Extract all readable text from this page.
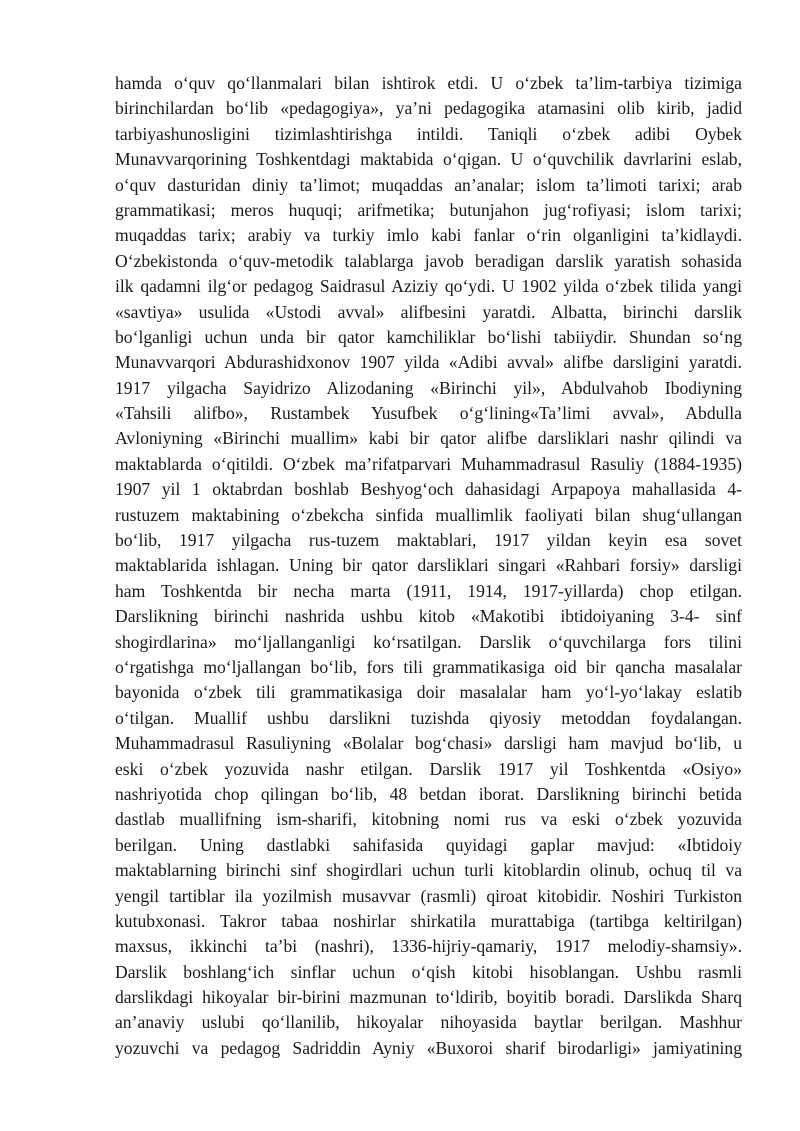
hamda o‘quv qo‘llanmalari bilan ishtirok etdi. U o‘zbek ta’lim-tarbiya tizimiga
birinchilardan bo‘lib «pedagogiya», ya’ni pedagogika atamasini olib kirib, jadid
tarbiyashunosligini tizimlashtirishga intildi. Taniqli o‘zbek adibi Oybek
Munavvarqorining Toshkentdagi maktabida o‘qigan. U o‘quvchilik davrlarini eslab,
o‘quv dasturidan diniy ta’limot; muqaddas an’analar; islom ta’limoti tarixi; arab
grammatikasi; meros huquqi; arifmetika; butunjahon jug‘rofiyasi; islom tarixi;
muqaddas tarix; arabiy va turkiy imlo kabi fanlar o‘rin olganligini ta’kidlaydi.
O‘zbekistonda o‘quv-metodik talablarga javob beradigan darslik yaratish sohasida
ilk qadamni ilg‘or pedagog Saidrasul Aziziy qo‘ydi. U 1902 yilda o‘zbek tilida yangi
«savtiya» usulida «Ustodi avval» alifbesini yaratdi. Albatta, birinchi darslik
bo‘lganligi uchun unda bir qator kamchiliklar bo‘lishi tabiiydir. Shundan so‘ng
Munavvarqori Abdurashidxonov 1907 yilda «Adibi avval» alifbe darsligini yaratdi.
1917 yilgacha Sayidrizo Alizodaning «Birinchi yil», Abdulvahob Ibodiyning
«Tahsili alifbo», Rustambek Yusufbek o‘g‘lining«Ta’limi avval», Abdulla
Avloniyning «Birinchi muallim» kabi bir qator alifbe darsliklari nashr qilindi va
maktablarda o‘qitildi. O‘zbek ma’rifatparvari Muhammadrasul Rasuliy (1884-1935)
1907 yil 1 oktabrdan boshlab Beshyog‘och dahasidagi Arpapoya mahallasida 4-
rustuzem maktabining o‘zbekcha sinfida muallimlik faoliyati bilan shug‘ullangan
bo‘lib, 1917 yilgacha rus-tuzem maktablari, 1917 yildan keyin esa sovet
maktablarida ishlagan. Uning bir qator darsliklari singari «Rahbari forsiy» darsligi
ham Toshkentda bir necha marta (1911, 1914, 1917-yillarda) chop etilgan.
Darslikning birinchi nashrida ushbu kitob «Makotibi ibtidoiyaning 3-4- sinf
shogirdlarina» mo‘ljallanganligi ko‘rsatilgan. Darslik o‘quvchilarga fors tilini
o‘rgatishga mo‘ljallangan bo‘lib, fors tili grammatikasiga oid bir qancha masalalar
bayonida o‘zbek tili grammatikasiga doir masalalar ham yo‘l-yo‘lakay eslatib
o‘tilgan. Muallif ushbu darslikni tuzishda qiyosiy metoddan foydalangan.
Muhammadrasul Rasuliyning «Bolalar bog‘chasi» darsligi ham mavjud bo‘lib, u
eski o‘zbek yozuvida nashr etilgan. Darslik 1917 yil Toshkentda «Osiyo»
nashriyotida chop qilingan bo‘lib, 48 betdan iborat. Darslikning birinchi betida
dastlab muallifning ism-sharifi, kitobning nomi rus va eski o‘zbek yozuvida
berilgan. Uning dastlabki sahifasida quyidagi gaplar mavjud: «Ibtidoiy
maktablarning birinchi sinf shogirdlari uchun turli kitoblardin olinub, ochuq til va
yengil tartiblar ila yozilmish musavvar (rasmli) qiroat kitobidir. Noshiri Turkiston
kutubxonasi. Takror tabaa noshirlar shirkatila murattabiga (tartibga keltirilgan)
maxsus, ikkinchi ta’bi (nashri), 1336-hijriy-qamariy, 1917 melodiy-shamsiy».
Darslik boshlang‘ich sinflar uchun o‘qish kitobi hisoblangan. Ushbu rasmli
darslikdagi hikoyalar bir-birini mazmunan to‘ldirib, boyitib boradi. Darslikda Sharq
an’anaviy uslubi qo‘llanilib, hikoyalar nihoyasida baytlar berilgan. Mashhur
yozuvchi va pedagog Sadriddin Ayniy «Buxoroi sharif birodarligi» jamiyatining
